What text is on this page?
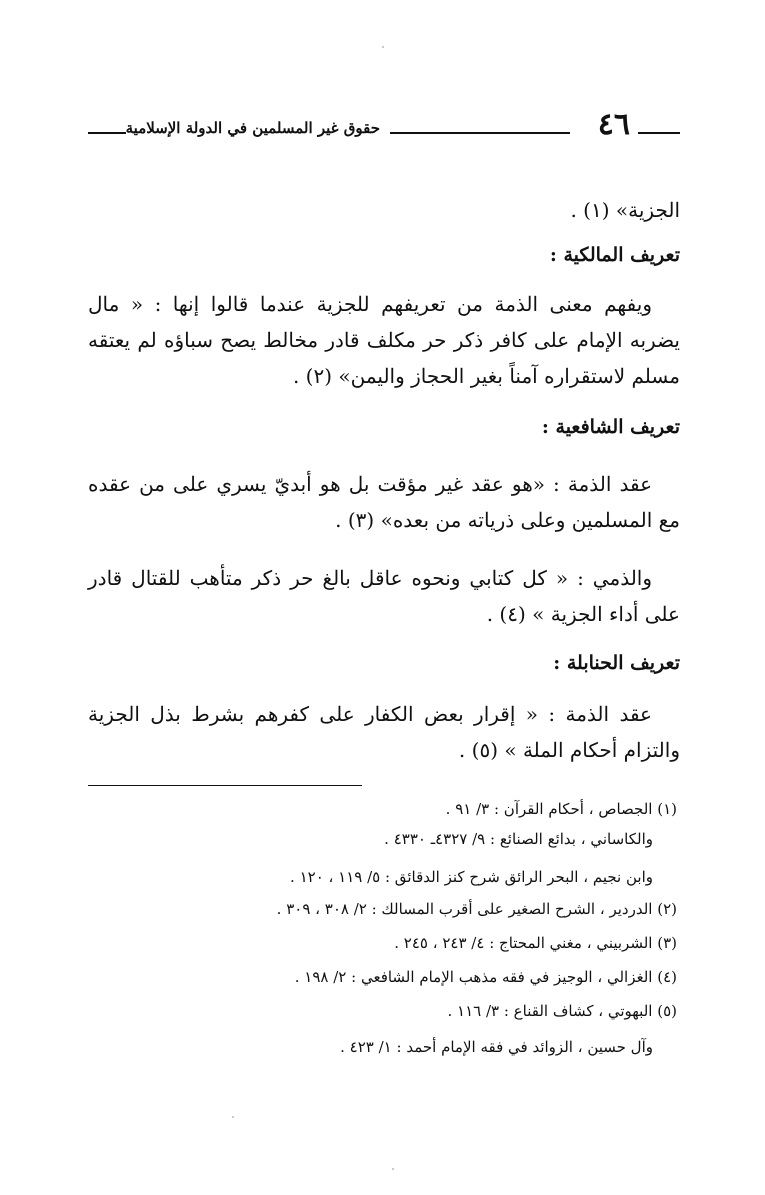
٤٦
حقوق غير المسلمين في الدولة الإسلامية
الجزية» (١) .
تعريف المالكية :
ويفهم معنى الذمة من تعريفهم للجزية عندما قالوا إنها : « مال يضربه الإمام على كافر ذكر حر مكلف قادر مخالط يصح سباؤه لم يعتقه مسلم لاستقراره آمناً بغير الحجاز واليمن» (٢) .
تعريف الشافعية :
عقد الذمة : «هو عقد غير مؤقت بل هو أبديّ يسري على من عقده مع المسلمين وعلى ذرياته من بعده» (٣) .
والذمي : « كل كتابي ونحوه عاقل بالغ حر ذكر متأهب للقتال قادر على أداء الجزية » (٤) .
تعريف الحنابلة :
عقد الذمة : « إقرار بعض الكفار على كفرهم بشرط بذل الجزية والتزام أحكام الملة » (٥) .
(١) الجصاص ، أحكام القرآن : ٣/ ٩١ .
والكاساني ، بدائع الصنائع : ٩/ ٤٣٢٧ـ ٤٣٣٠ .
وابن نجيم ، البحر الرائق شرح كنز الدقائق : ٥/ ١١٩ ، ١٢٠ .
(٢) الدردير ، الشرح الصغير على أقرب المسالك : ٢/ ٣٠٨ ، ٣٠٩ .
(٣) الشربيني ، مغني المحتاج : ٤/ ٢٤٣ ، ٢٤٥ .
(٤) الغزالي ، الوجيز في فقه مذهب الإمام الشافعي : ٢/ ١٩٨ .
(٥) البهوتي ، كشاف القناع : ٣/ ١١٦ .
وآل حسين ، الزوائد في فقه الإمام أحمد : ١/ ٤٢٣ .
